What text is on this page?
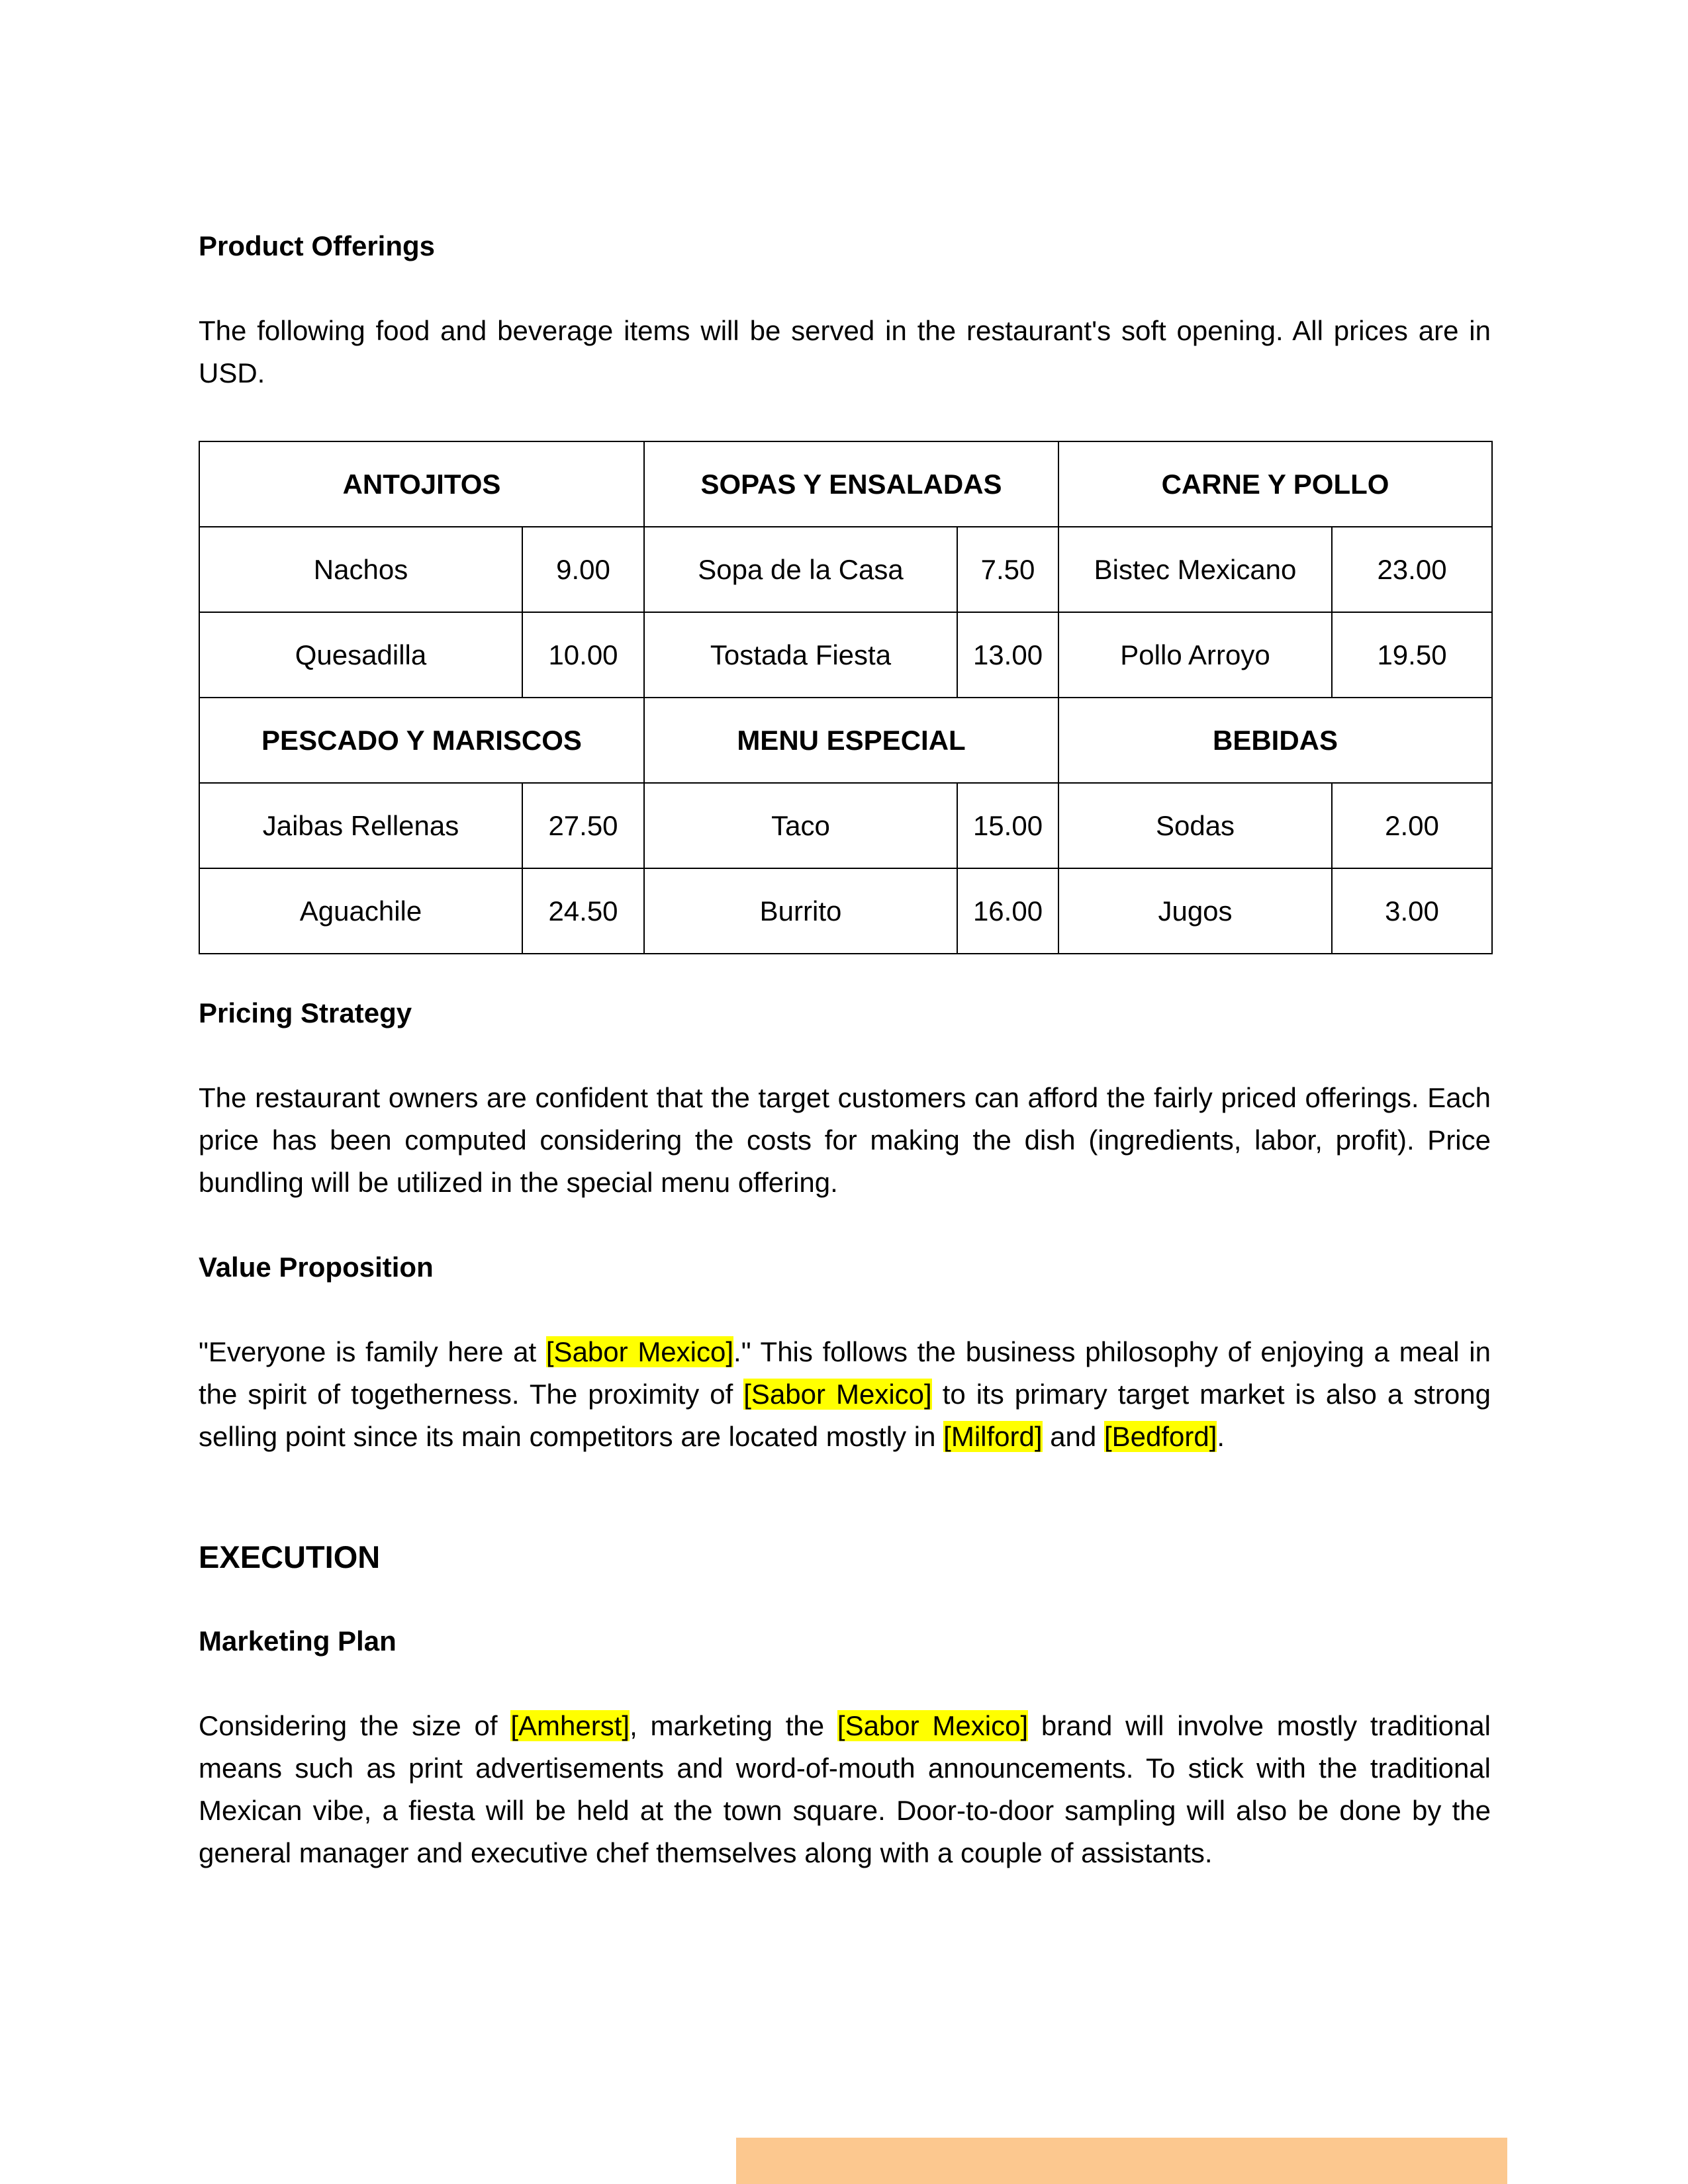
Product Offerings

The following food and beverage items will be served in the restaurant's soft opening. All prices are in USD.

ANTOJITOS		SOPAS Y ENSALADAS		CARNE Y POLLO	
Nachos	9.00	Sopa de la Casa	7.50	Bistec Mexicano	23.00
Quesadilla	10.00	Tostada Fiesta	13.00	Pollo Arroyo	19.50
PESCADO Y MARISCOS		MENU ESPECIAL		BEBIDAS	
Jaibas Rellenas	27.50	Taco	15.00	Sodas	2.00
Aguachile	24.50	Burrito	16.00	Jugos	3.00

Pricing Strategy

The restaurant owners are confident that the target customers can afford the fairly priced offerings. Each price has been computed considering the costs for making the dish (ingredients, labor, profit). Price bundling will be utilized in the special menu offering.

Value Proposition

"Everyone is family here at [Sabor Mexico]." This follows the business philosophy of enjoying a meal in the spirit of togetherness. The proximity of [Sabor Mexico] to its primary target market is also a strong selling point since its main competitors are located mostly in [Milford] and [Bedford].

EXECUTION

Marketing Plan

Considering the size of [Amherst], marketing the [Sabor Mexico] brand will involve mostly traditional means such as print advertisements and word-of-mouth announcements. To stick with the traditional Mexican vibe, a fiesta will be held at the town square. Door-to-door sampling will also be done by the general manager and executive chef themselves along with a couple of assistants.
